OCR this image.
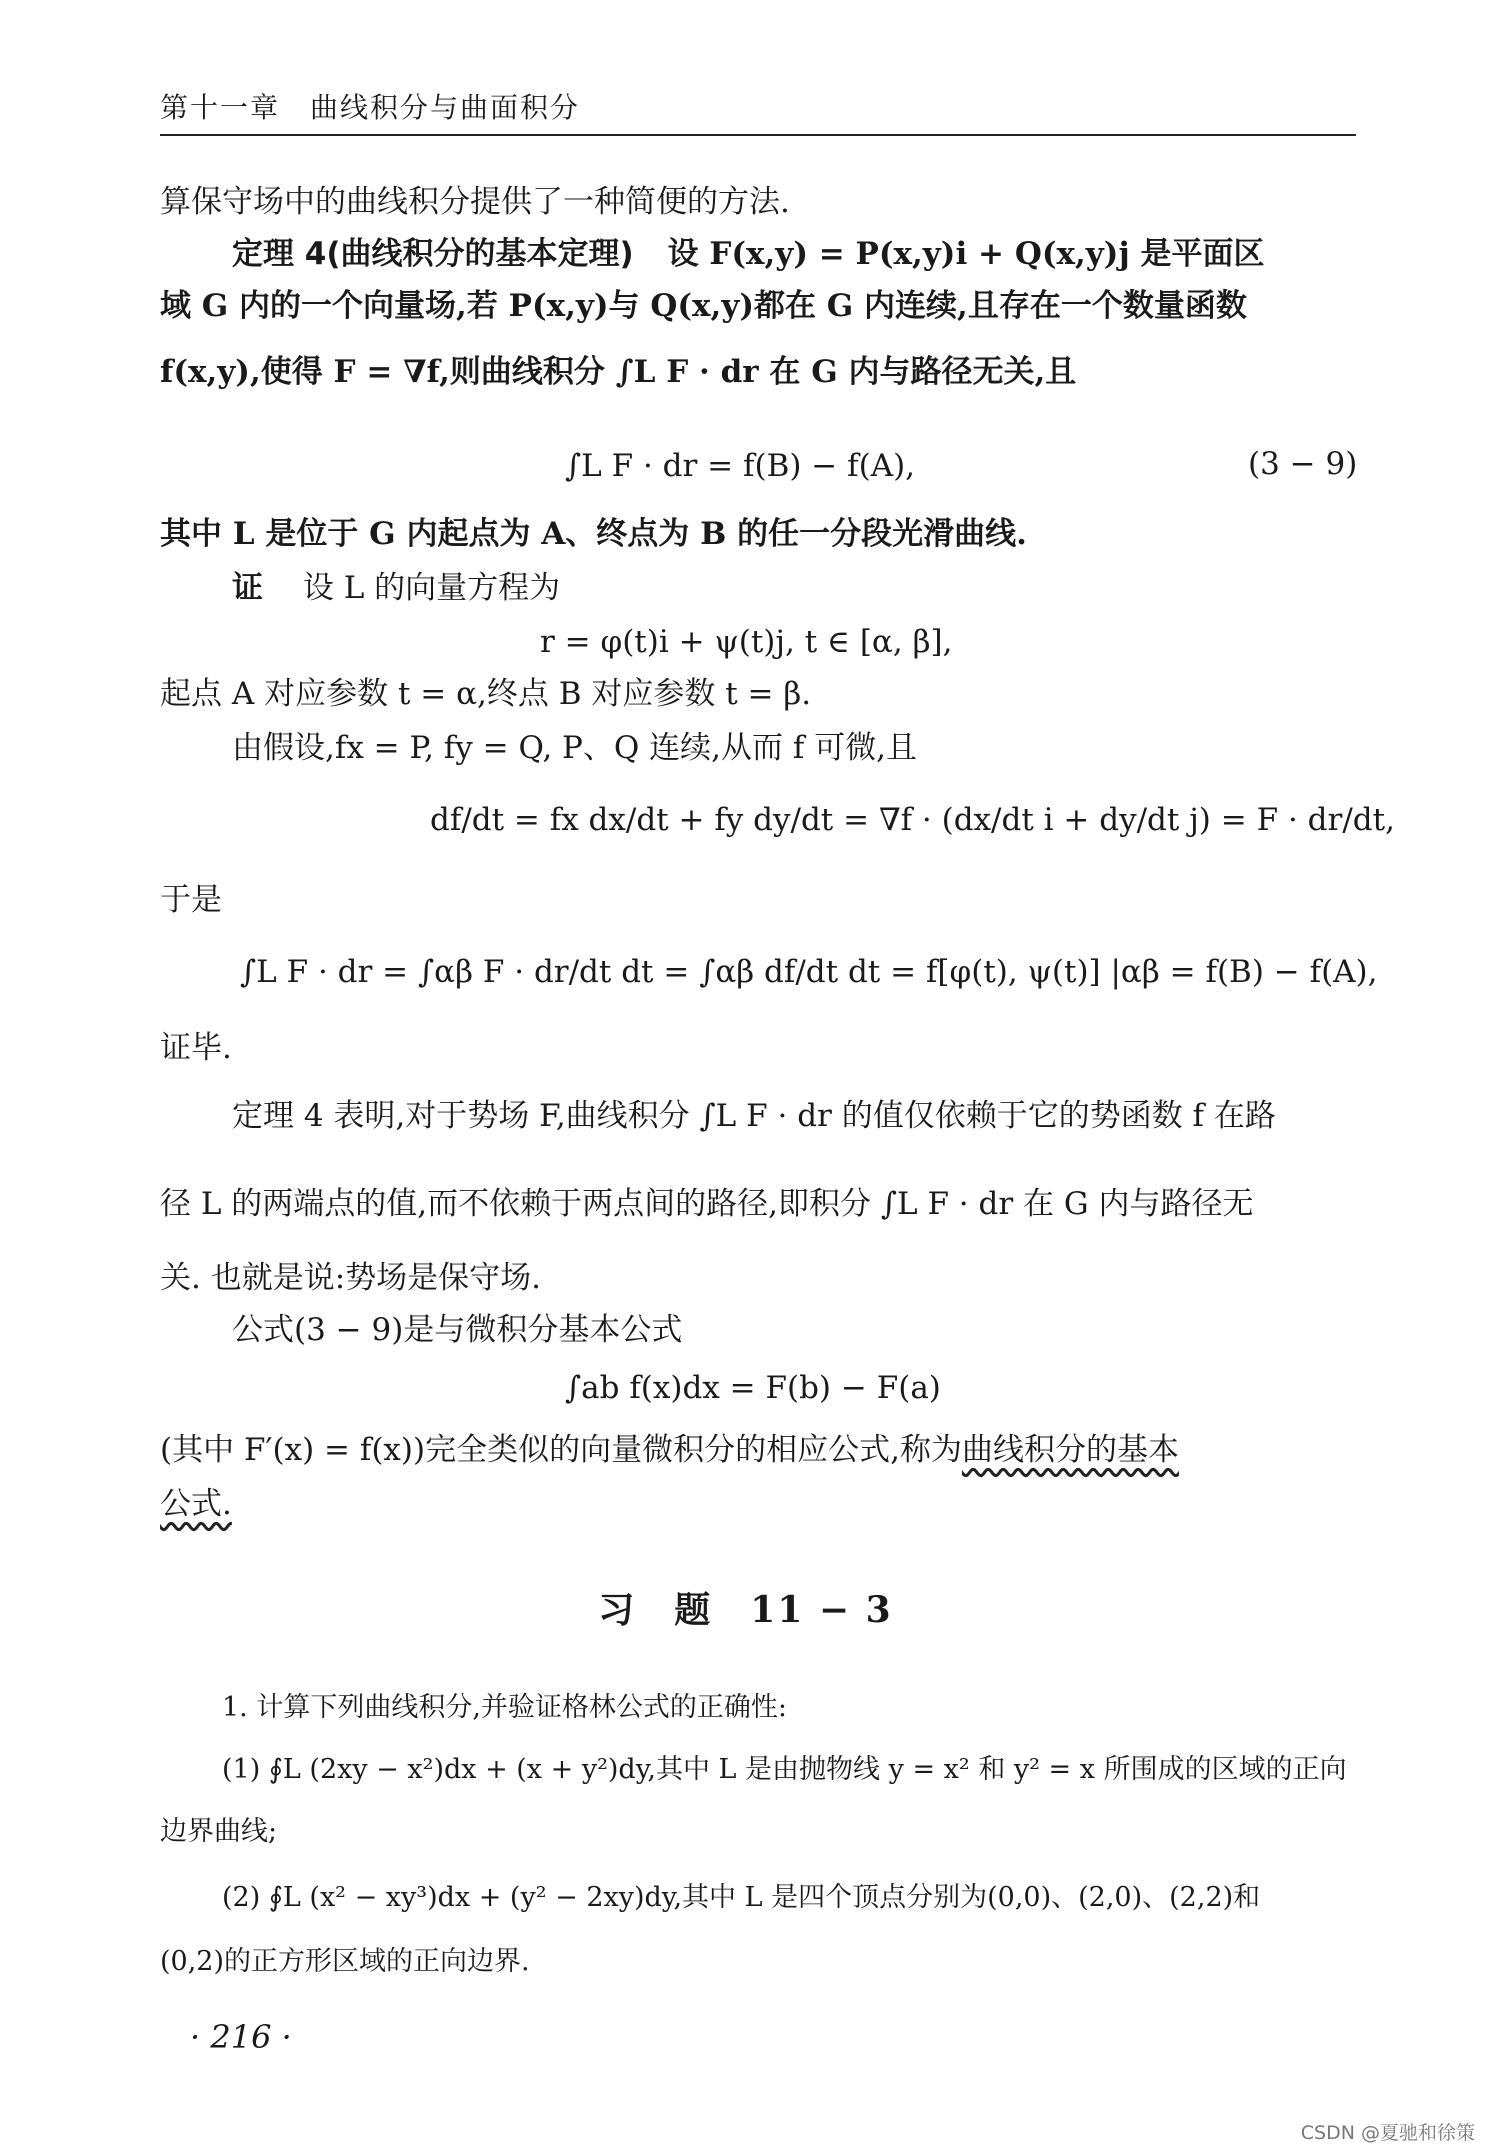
第十一章 曲线积分与曲面积分
算保守场中的曲线积分提供了一种简便的方法.
定理 4(曲线积分的基本定理) 设 F(x,y) = P(x,y)i + Q(x,y)j 是平面区
域 G 内的一个向量场,若 P(x,y)与 Q(x,y)都在 G 内连续,且存在一个数量函数
f(x,y),使得 F = ∇f,则曲线积分 ∫L F · dr 在 G 内与路径无关,且
∫L F · dr = f(B) − f(A),	(3 − 9)
其中 L 是位于 G 内起点为 A、终点为 B 的任一分段光滑曲线.
证 设 L 的向量方程为
r = φ(t)i + ψ(t)j, t ∈ [α, β],
起点 A 对应参数 t = α,终点 B 对应参数 t = β.
由假设,fx = P, fy = Q, P、Q 连续,从而 f 可微,且
df/dt = fx dx/dt + fy dy/dt = ∇f · (dx/dt i + dy/dt j) = F · dr/dt,
于是
∫L F · dr = ∫αβ F · dr/dt dt = ∫αβ df/dt dt = f[φ(t), ψ(t)] |αβ = f(B) − f(A),
证毕.
定理 4 表明,对于势场 F,曲线积分 ∫L F · dr 的值仅依赖于它的势函数 f 在路
径 L 的两端点的值,而不依赖于两点间的路径,即积分 ∫L F · dr 在 G 内与路径无
关. 也就是说:势场是保守场.
公式(3 − 9)是与微积分基本公式
∫ab f(x)dx = F(b) − F(a)
(其中 F′(x) = f(x))完全类似的向量微积分的相应公式,称为曲线积分的基本
公式.
习　题　11 − 3
1. 计算下列曲线积分,并验证格林公式的正确性:
(1) ∮L (2xy − x²)dx + (x + y²)dy,其中 L 是由抛物线 y = x² 和 y² = x 所围成的区域的正向
边界曲线;
(2) ∮L (x² − xy³)dx + (y² − 2xy)dy,其中 L 是四个顶点分别为(0,0)、(2,0)、(2,2)和
(0,2)的正方形区域的正向边界.
· 216 ·
CSDN @夏驰和徐策
